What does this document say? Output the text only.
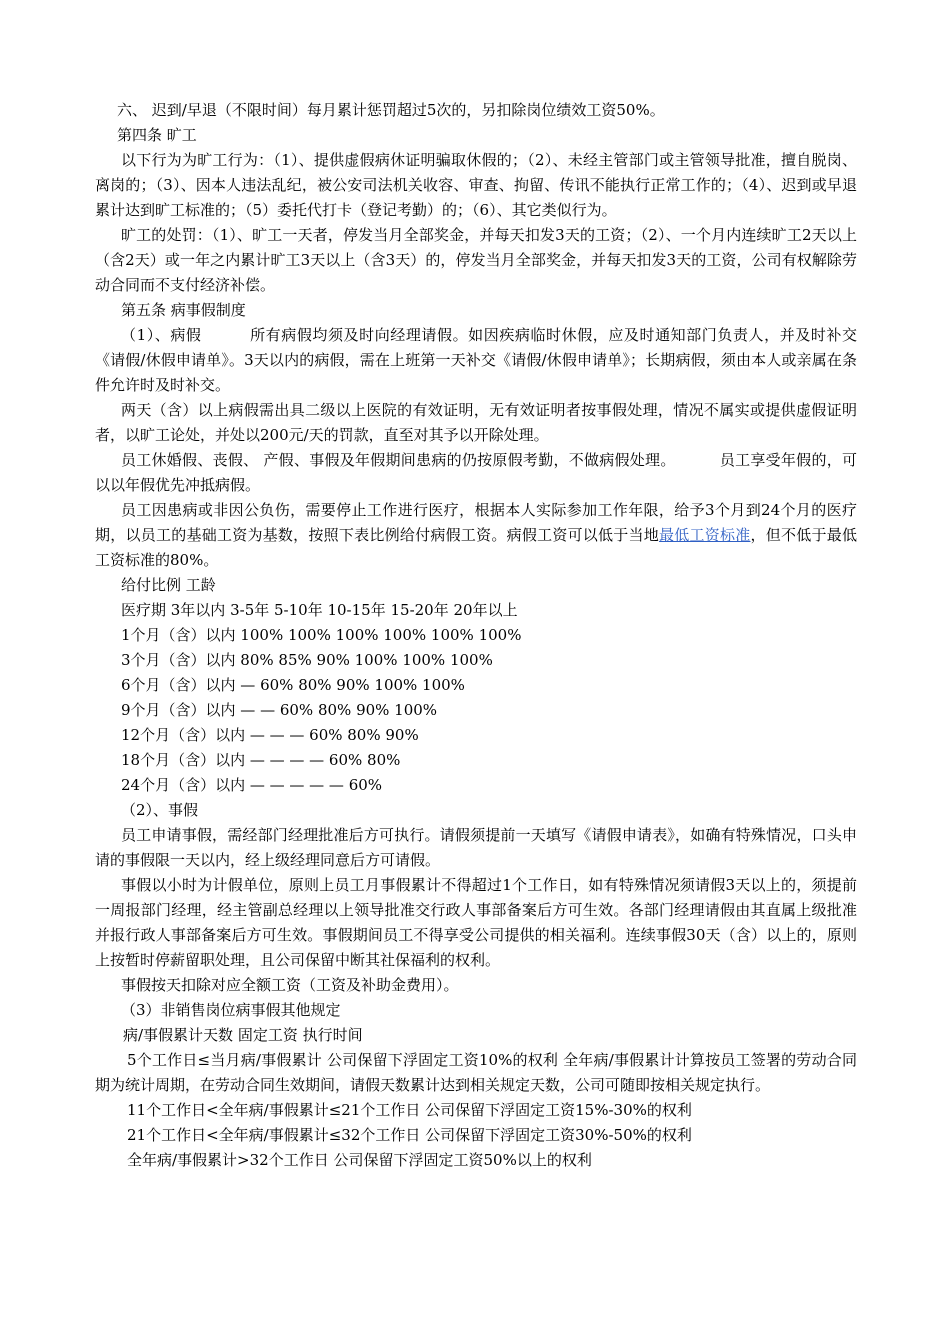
六、 迟到/早退（不限时间）每月累计惩罚超过5次的，另扣除岗位绩效工资50%。

第四条 旷工

以下行为为旷工行为：（1）、提供虚假病休证明骗取休假的；（2）、未经主管部门或主管领导批准，擅自脱岗、离岗的；（3）、因本人违法乱纪，被公安司法机关收容、审查、拘留、传讯不能执行正常工作的；（4）、迟到或早退累计达到旷工标准的；（5）委托代打卡（登记考勤）的；（6）、其它类似行为。

旷工的处罚：（1）、旷工一天者，停发当月全部奖金，并每天扣发3天的工资；（2）、一个月内连续旷工2天以上（含2天）或一年之内累计旷工3天以上（含3天）的，停发当月全部奖金，并每天扣发3天的工资，公司有权解除劳动合同而不支付经济补偿。

第五条 病事假制度

（1）、病假	所有病假均须及时向经理请假。如因疾病临时休假，应及时通知部门负责人，并及时补交《请假/休假申请单》。3天以内的病假，需在上班第一天补交《请假/休假申请单》；长期病假，须由本人或亲属在条件允许时及时补交。

两天（含）以上病假需出具二级以上医院的有效证明，无有效证明者按事假处理，情况不属实或提供虚假证明者，以旷工论处，并处以200元/天的罚款，直至对其予以开除处理。

员工休婚假、丧假、 产假、事假及年假期间患病的仍按原假考勤，不做病假处理。	员工享受年假的，可以以年假优先冲抵病假。

员工因患病或非因公负伤，需要停止工作进行医疗，根据本人实际参加工作年限，给予3个月到24个月的医疗期，以员工的基础工资为基数，按照下表比例给付病假工资。病假工资可以低于当地最低工资标准，但不低于最低工资标准的80%。

给付比例 工龄

医疗期 3年以内 3-5年 5-10年 10-15年 15-20年 20年以上

1个月（含）以内 100% 100% 100% 100% 100% 100%

3个月（含）以内 80% 85% 90% 100% 100% 100%

6个月（含）以内 — 60% 80% 90% 100% 100%

9个月（含）以内 — — 60% 80% 90% 100%

12个月（含）以内 — — — 60% 80% 90%

18个月（含）以内 — — — — 60% 80%

24个月（含）以内 — — — — — 60%

（2）、事假

员工申请事假，需经部门经理批准后方可执行。请假须提前一天填写《请假申请表》，如确有特殊情况，口头申请的事假限一天以内，经上级经理同意后方可请假。

事假以小时为计假单位，原则上员工月事假累计不得超过1个工作日，如有特殊情况须请假3天以上的，须提前一周报部门经理，经主管副总经理以上领导批准交行政人事部备案后方可生效。各部门经理请假由其直属上级批准并报行政人事部备案后方可生效。事假期间员工不得享受公司提供的相关福利。连续事假30天（含）以上的，原则上按暂时停薪留职处理，且公司保留中断其社保福利的权利。

事假按天扣除对应全额工资（工资及补助金费用）。

（3）非销售岗位病事假其他规定

病/事假累计天数 固定工资 执行时间

5个工作日≤当月病/事假累计 公司保留下浮固定工资10%的权利 全年病/事假累计计算按员工签署的劳动合同期为统计周期，在劳动合同生效期间，请假天数累计达到相关规定天数，公司可随即按相关规定执行。

11个工作日<全年病/事假累计≤21个工作日 公司保留下浮固定工资15%-30%的权利

21个工作日<全年病/事假累计≤32个工作日 公司保留下浮固定工资30%-50%的权利

全年病/事假累计>32个工作日 公司保留下浮固定工资50%以上的权利
